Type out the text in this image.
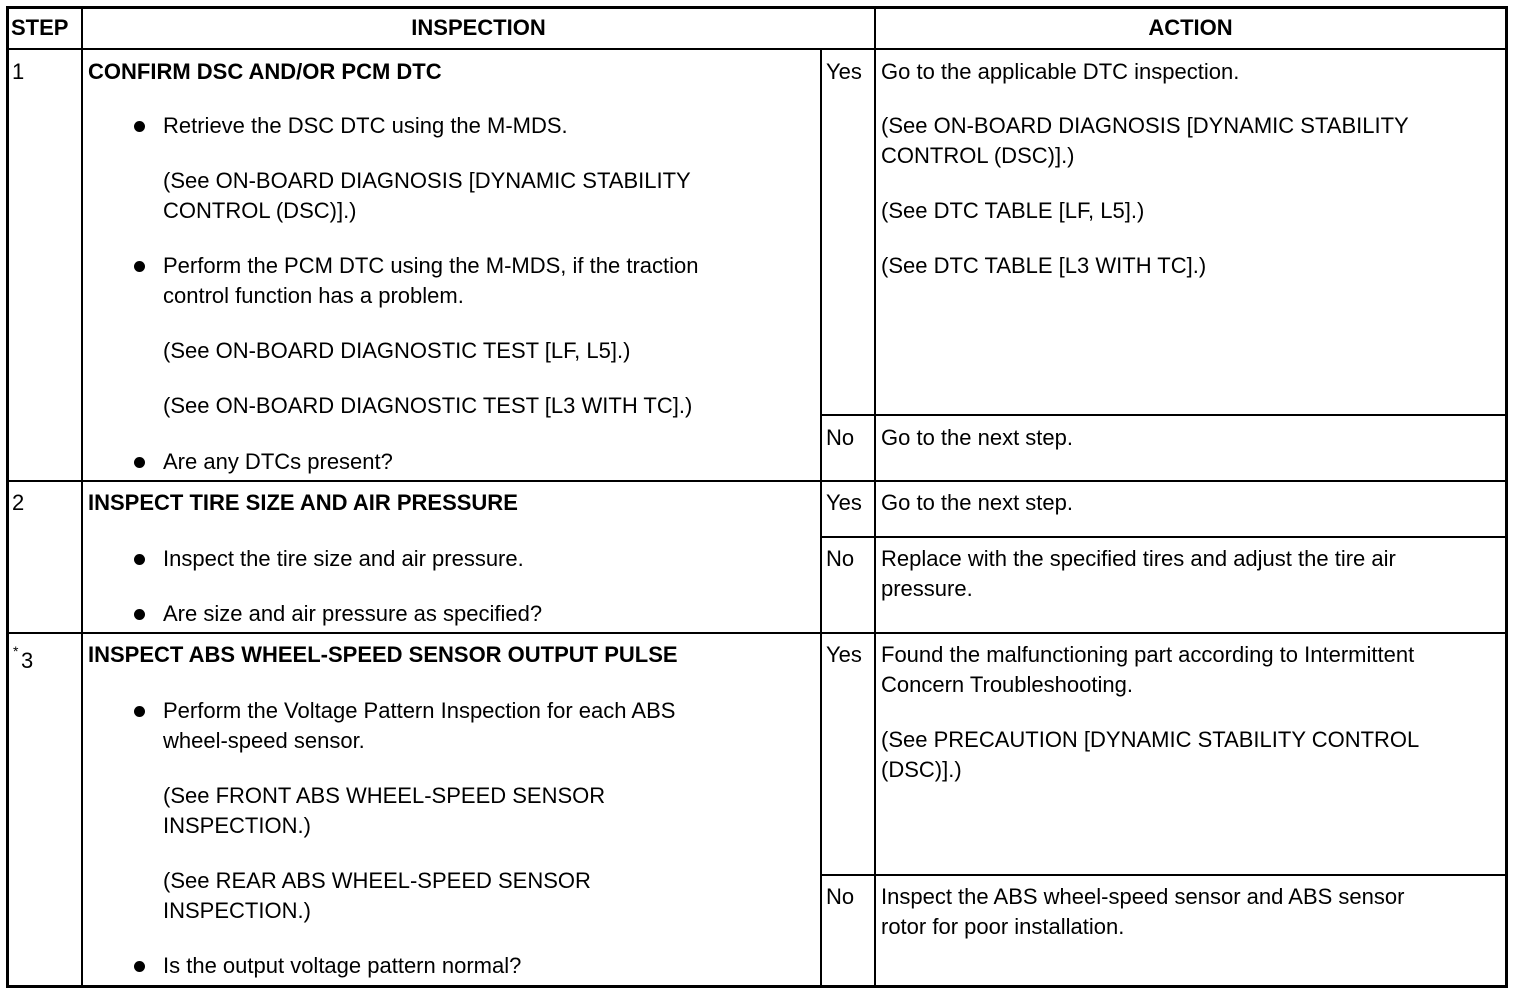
STEP	INSPECTION	ACTION
1	CONFIRM DSC AND/OR PCM DTC
Retrieve the DSC DTC using the M-MDS.
(See ON-BOARD DIAGNOSIS [DYNAMIC STABILITY
CONTROL (DSC)].)
Perform the PCM DTC using the M-MDS, if the traction
control function has a problem.
(See ON-BOARD DIAGNOSTIC TEST [LF, L5].)
(See ON-BOARD DIAGNOSTIC TEST [L3 WITH TC].)
Are any DTCs present?
Yes Go to the applicable DTC inspection.
(See ON-BOARD DIAGNOSIS [DYNAMIC STABILITY
CONTROL (DSC)].)
(See DTC TABLE [LF, L5].)
(See DTC TABLE [L3 WITH TC].)
No Go to the next step.
2	INSPECT TIRE SIZE AND AIR PRESSURE
Inspect the tire size and air pressure.
Are size and air pressure as specified?
Yes Go to the next step.
No Replace with the specified tires and adjust the tire air
pressure.
* 3 INSPECT ABS WHEEL-SPEED SENSOR OUTPUT PULSE
Perform the Voltage Pattern Inspection for each ABS
wheel-speed sensor.
(See FRONT ABS WHEEL-SPEED SENSOR
INSPECTION.)
(See REAR ABS WHEEL-SPEED SENSOR
INSPECTION.)
Is the output voltage pattern normal?
Yes Found the malfunctioning part according to Intermittent
Concern Troubleshooting.
(See PRECAUTION [DYNAMIC STABILITY CONTROL
(DSC)].)
No Inspect the ABS wheel-speed sensor and ABS sensor
rotor for poor installation.
